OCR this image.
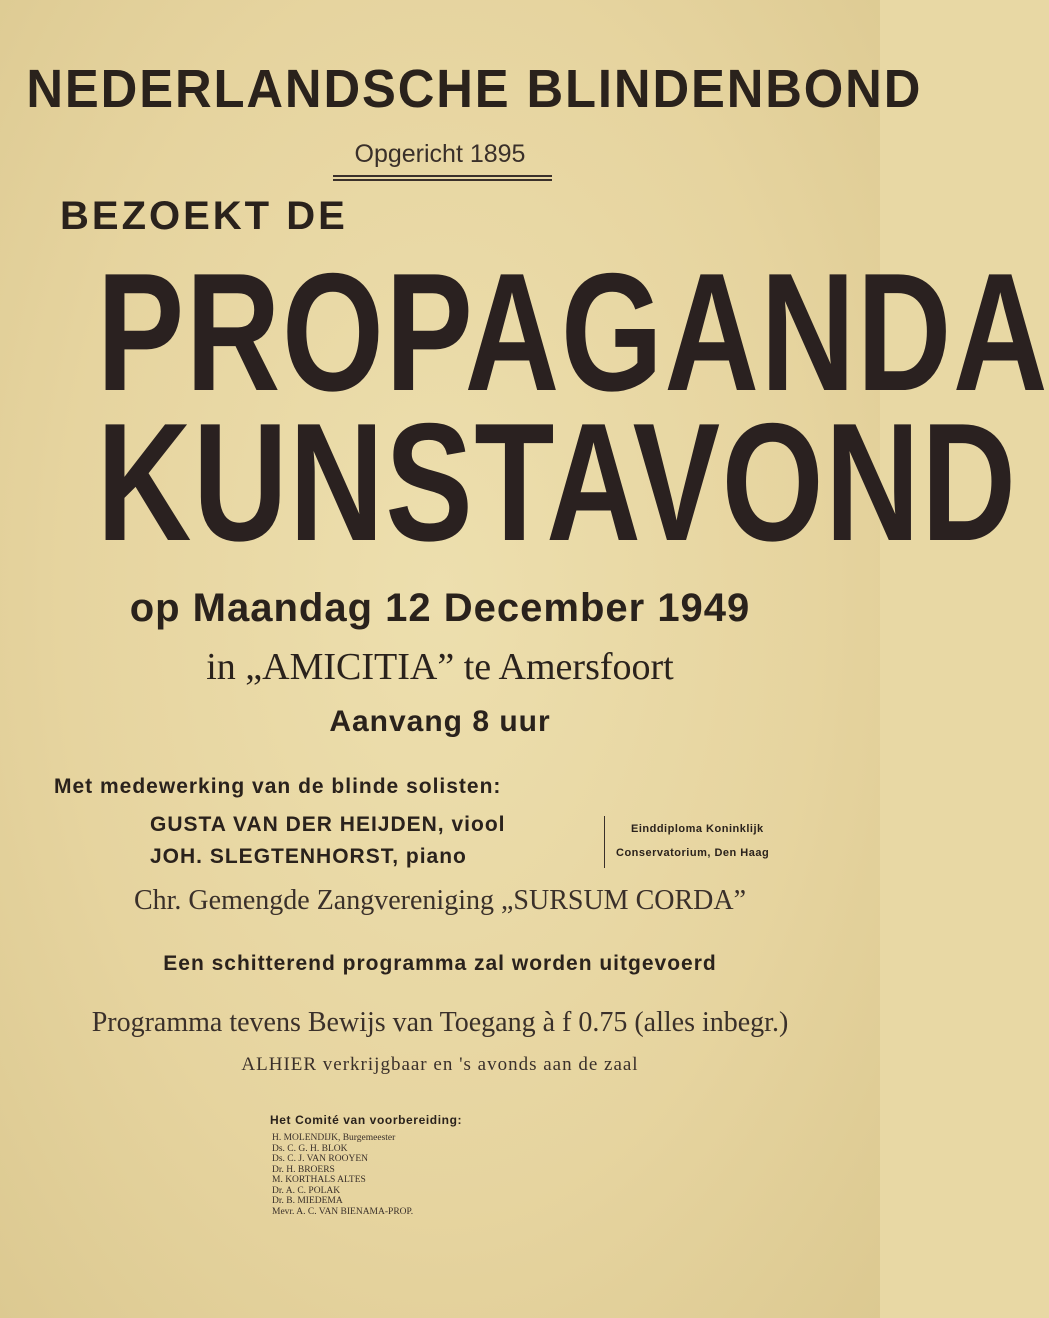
NEDERLANDSCHE BLINDENBOND
Opgericht 1895
BEZOEKT DE
PROPAGANDA
KUNSTAVOND
op Maandag 12 December 1949
in „AMICITIA” te Amersfoort
Aanvang 8 uur
Met medewerking van de blinde solisten:
GUSTA VAN DER HEIJDEN, viool
JOH. SLEGTENHORST, piano
Einddiploma Koninklijk
Conservatorium, Den Haag
Chr. Gemengde Zangvereniging „SURSUM CORDA”
Een schitterend programma zal worden uitgevoerd
Programma tevens Bewijs van Toegang à f 0.75 (alles inbegr.)
ALHIER verkrijgbaar en 's avonds aan de zaal
Het Comité van voorbereiding:
H. MOLENDIJK, Burgemeester
Ds. C. G. H. BLOK
Ds. C. J. VAN ROOYEN
Dr. H. BROERS
M. KORTHALS ALTES
Dr. A. C. POLAK
Dr. B. MIEDEMA
Mevr. A. C. VAN BIENAMA-PROP.
